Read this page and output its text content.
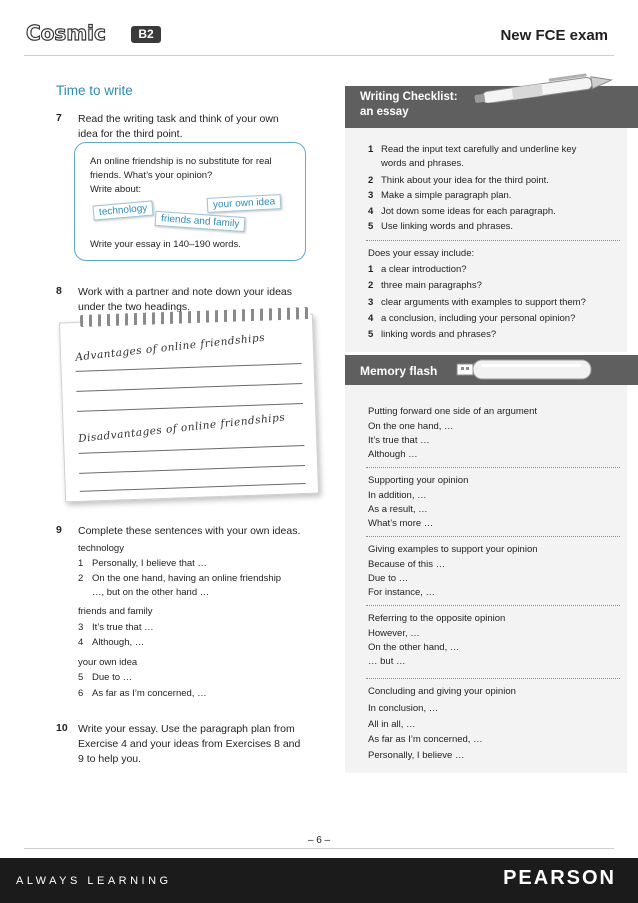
Cosmic	B2	New FCE exam
Time to write
7 Read the writing task and think of your own
idea for the third point.
An online friendship is no substitute for real
friends. What’s your opinion?
Write about:
technology
friends and family
your own idea
Write your essay in 140–190 words.
8 Work with a partner and note down your ideas
under the two headings.
Advantages of online friendships
Disadvantages of online friendships
9 Complete these sentences with your own ideas.
technology
1 Personally, I believe that …
2 On the one hand, having an online friendship
…, but on the other hand …
friends and family
3 It’s true that …
4 Although, …
your own idea
5 Due to …
6 As far as I’m concerned, …
10 Write your essay. Use the paragraph plan from
Exercise 4 and your ideas from Exercises 8 and
9 to help you.
Writing Checklist:
an essay
1 Read the input text carefully and underline key
words and phrases.
2 Think about your idea for the third point.
3 Make a simple paragraph plan.
4 Jot down some ideas for each paragraph.
5 Use linking words and phrases.
Does your essay include:
1 a clear introduction?
2 three main paragraphs?
3 clear arguments with examples to support them?
4 a conclusion, including your personal opinion?
5 linking words and phrases?
Memory flash
Putting forward one side of an argument
On the one hand, …
It’s true that …
Although …
Supporting your opinion
In addition, …
As a result, …
What’s more …
Giving examples to support your opinion
Because of this …
Due to …
For instance, …
Referring to the opposite opinion
However, …
On the other hand, …
… but …
Concluding and giving your opinion
In conclusion, …
All in all, …
As far as I’m concerned, …
Personally, I believe …
– 6 –
ALWAYS LEARNING	PEARSON
